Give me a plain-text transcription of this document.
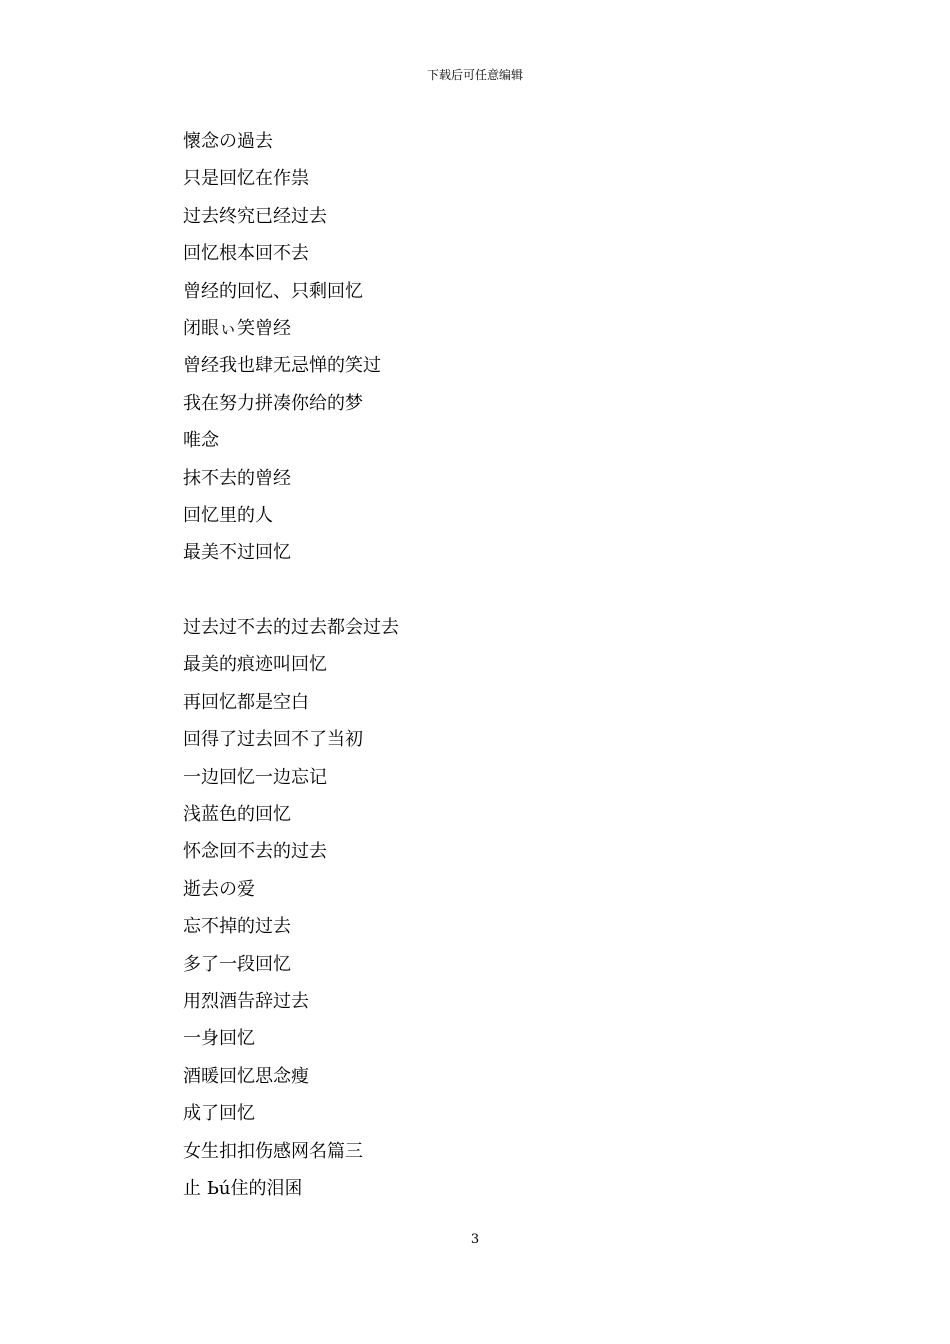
下载后可任意编辑
懷念の過去
只是回忆在作祟
过去终究已经过去
回忆根本回不去
曾经的回忆、只剩回忆
闭眼ぃ笑曾经
曾经我也肆无忌惮的笑过
我在努力拼凑你给的梦
唯念
抹不去的曾经
回忆里的人
最美不过回忆
过去过不去的过去都会过去
最美的痕迹叫回忆
再回忆都是空白
回得了过去回不了当初
一边回忆一边忘记
浅蓝色的回忆
怀念回不去的过去
逝去の爱
忘不掉的过去
多了一段回忆
用烈酒告辞过去
一身回忆
酒暖回忆思念瘦
成了回忆
女生扣扣伤感网名篇三
止 Ьú住的泪囷
3
